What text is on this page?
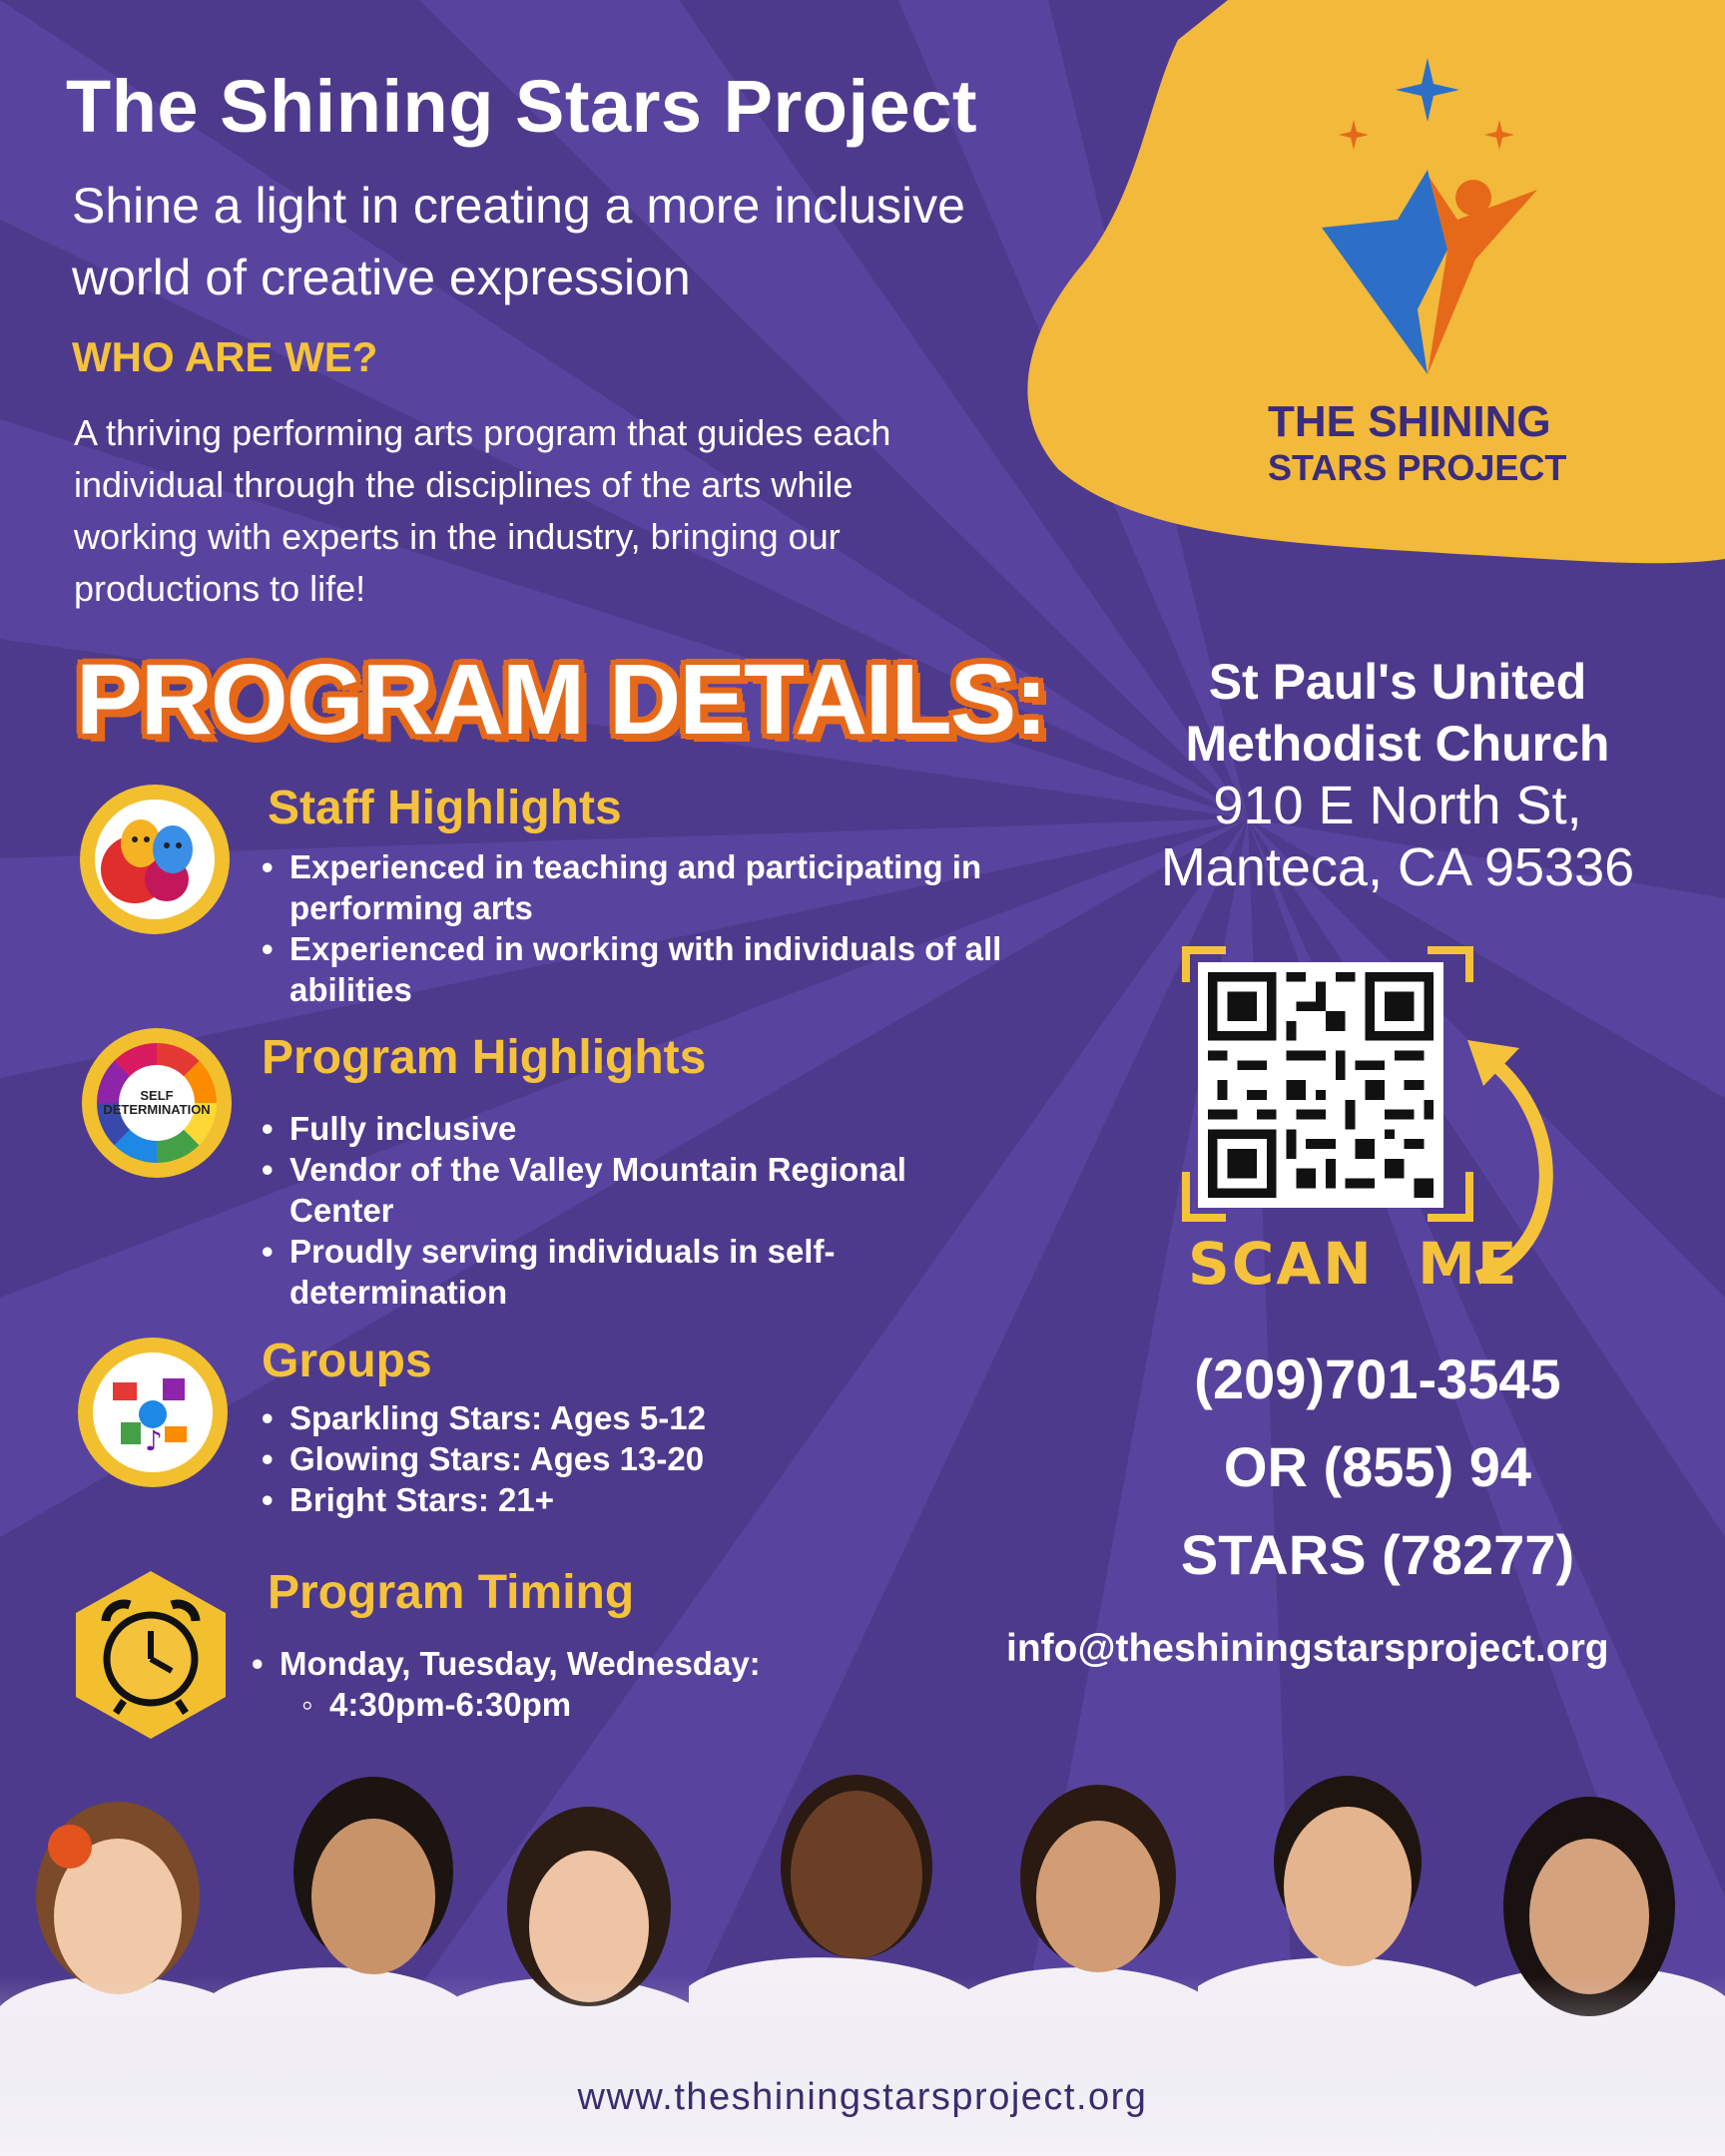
The Shining Stars Project
Shine a light in creating a more inclusive world of creative expression
WHO ARE WE?
A thriving performing arts program that guides each individual through the disciplines of the arts while working with experts in the industry, bringing our productions to life!
THE SHINING
STARS PROJECT
PROGRAM DETAILS:
Staff Highlights
• Experienced in teaching and participating in performing arts
• Experienced in working with individuals of all abilities
SELF DETERMINATION
Program Highlights
• Fully inclusive
• Vendor of the Valley Mountain Regional Center
• Proudly serving individuals in self-determination
♪
Groups
• Sparkling Stars: Ages 5-12
• Glowing Stars: Ages 13-20
• Bright Stars: 21+
Program Timing
• Monday, Tuesday, Wednesday:
◦ 4:30pm-6:30pm
St Paul's United
Methodist Church
910 E North St,
Manteca, CA 95336
SCAN  ME
(209)701-3545
OR (855) 94
STARS (78277)
info@theshiningstarsproject.org
www.theshiningstarsproject.org
